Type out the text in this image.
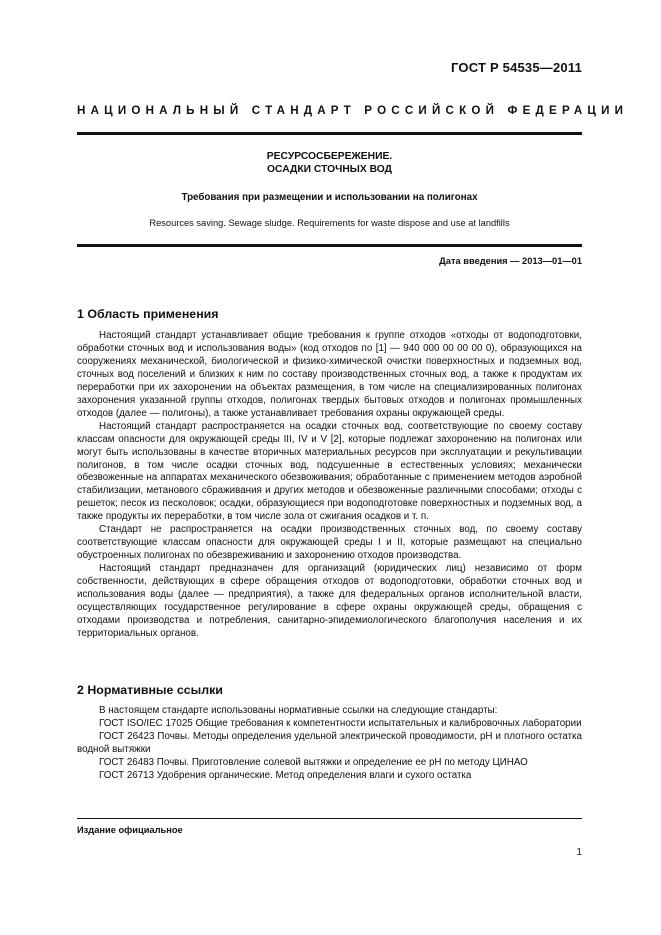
ГОСТ Р 54535—2011
НАЦИОНАЛЬНЫЙ СТАНДАРТ РОССИЙСКОЙ ФЕДЕРАЦИИ
РЕСУРСОСБЕРЕЖЕНИЕ.
ОСАДКИ СТОЧНЫХ ВОД
Требования при размещении и использовании на полигонах
Resources saving. Sewage sludge. Requirements for waste dispose and use at landfills
Дата введения — 2013—01—01
1 Область применения

Настоящий стандарт устанавливает общие требования к группе отходов «отходы от водоподготовки, обработки сточных вод и использования воды» (код отходов по [1] — 940 000 00 00 00 0), образующихся на сооружениях механической, биологической и физико-химической очистки поверхностных и подземных вод, сточных вод поселений и близких к ним по составу производственных сточных вод, а также к продуктам их переработки при их захоронении на объектах размещения, в том числе на специализированных полигонах захоронения указанной группы отходов, полигонах твердых бытовых отходов и полигонах промышленных отходов (далее — полигоны), а также устанавливает требования охраны окружающей среды.

Настоящий стандарт распространяется на осадки сточных вод, соответствующие по своему составу классам опасности для окружающей среды III, IV и V [2], которые подлежат захоронению на полигонах или могут быть использованы в качестве вторичных материальных ресурсов при эксплуатации и рекультивации полигонов, в том числе осадки сточных вод, подсушенные в естественных условиях; механически обезвоженные на аппаратах механического обезвоживания; обработанные с применением методов аэробной стабилизации, метанового сбраживания и других методов и обезвоженные различными способами; отходы с решеток; песок из песколовок; осадки, образующиеся при водоподготовке поверхностных и подземных вод, а также продукты их переработки, в том числе зола от сжигания осадков и т. п.

Стандарт не распространяется на осадки производственных сточных вод, по своему составу соответствующие классам опасности для окружающей среды I и II, которые размещают на специально обустроенных полигонах по обезвреживанию и захоронению отходов производства.

Настоящий стандарт предназначен для организаций (юридических лиц) независимо от форм собственности, действующих в сфере обращения отходов от водоподготовки, обработки сточных вод и использования воды (далее — предприятия), а также для федеральных органов исполнительной власти, осуществляющих государственное регулирование в сфере охраны окружающей среды, обращения с отходами производства и потребления, санитарно-эпидемиологического благополучия населения и их территориальных органов.

2 Нормативные ссылки

В настоящем стандарте использованы нормативные ссылки на следующие стандарты:

ГОСТ ISO/IEC 17025 Общие требования к компетентности испытательных и калибровочных лаборатории

ГОСТ 26423 Почвы. Методы определения удельной электрической проводимости, pH и плотного остатка водной вытяжки

ГОСТ 26483 Почвы. Приготовление солевой вытяжки и определение ее pH по методу ЦИНАО

ГОСТ 26713 Удобрения органические. Метод определения влаги и сухого остатка

Издание официальное
1
